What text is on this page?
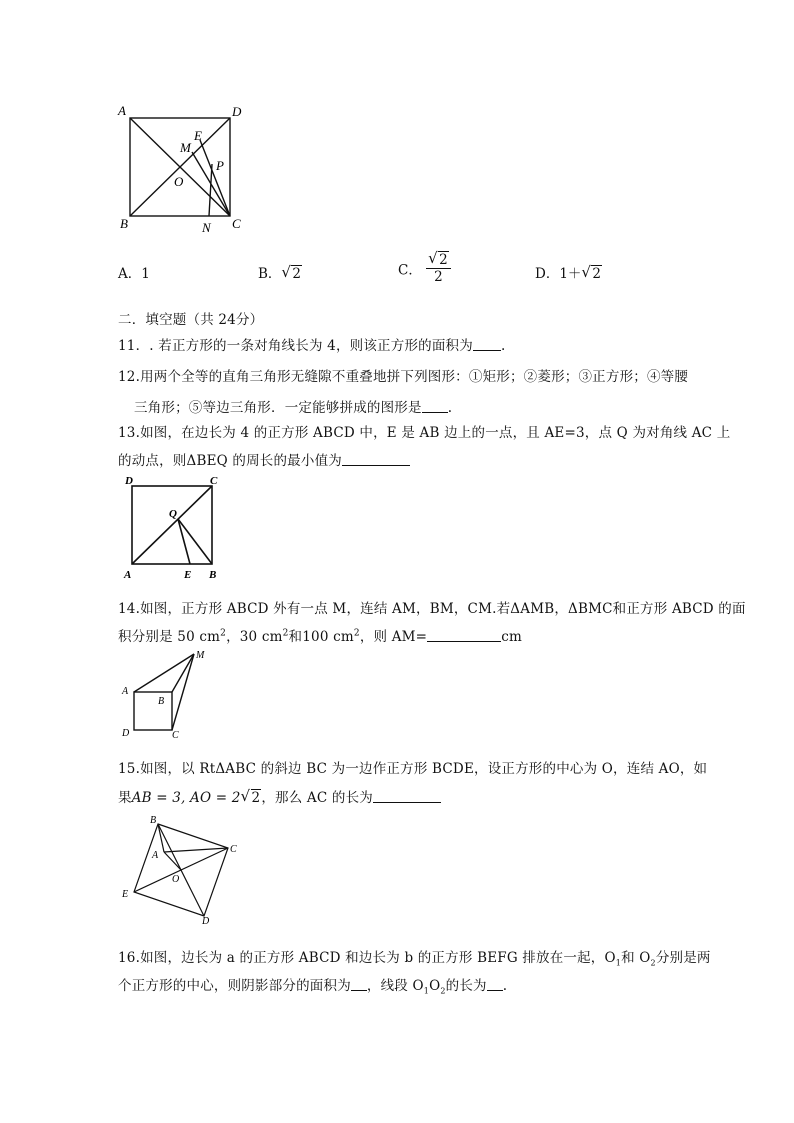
A	D
E
M
P
O
B	N C
A．1	B． √ 2	C． $\frac{√ 2}{2}$	D．1＋ √ 2
二．填空题（共 24分）
11．. 若正方形的一条对角线长为 4，则该正方形的面积为 .
12.用两个全等的直角三角形无缝隙不重叠地拼下列图形：①矩形；②菱形；③正方形；④等腰
三角形；⑤等边三角形．一定能够拼成的图形是 .
13.如图，在边长为 4 的正方形 ABCD 中，E 是 AB 边上的一点，且 AE=3，点 Q 为对角线 AC 上
的动点，则ΔBEQ 的周长的最小值为
D	C
Q
A	E B
14.如图，正方形 ABCD 外有一点 M，连结 AM，BM，CM.若ΔAMB，ΔBMC和正方形 ABCD 的面
积分别是 50 $cm^2$，30 $cm^2$和100 $cm^2$，则 AM=	cm
M
A
B
D	C
15.如图，以 RtΔABC 的斜边 BC 为一边作正方形 BCDE，设正方形的中心为 O，连结 AO，如
果AB = 3, AO = 2 √ 2，那么 AC 的长为
B
A
C
O
E
D
16.如图，边长为 a 的正方形 ABCD 和边长为 b 的正方形 BEFG 排放在一起，$O_1$和 $O_2$分别是两
个正方形的中心，则阴影部分的面积为 ，线段 $O_1O_2$的长为 .
